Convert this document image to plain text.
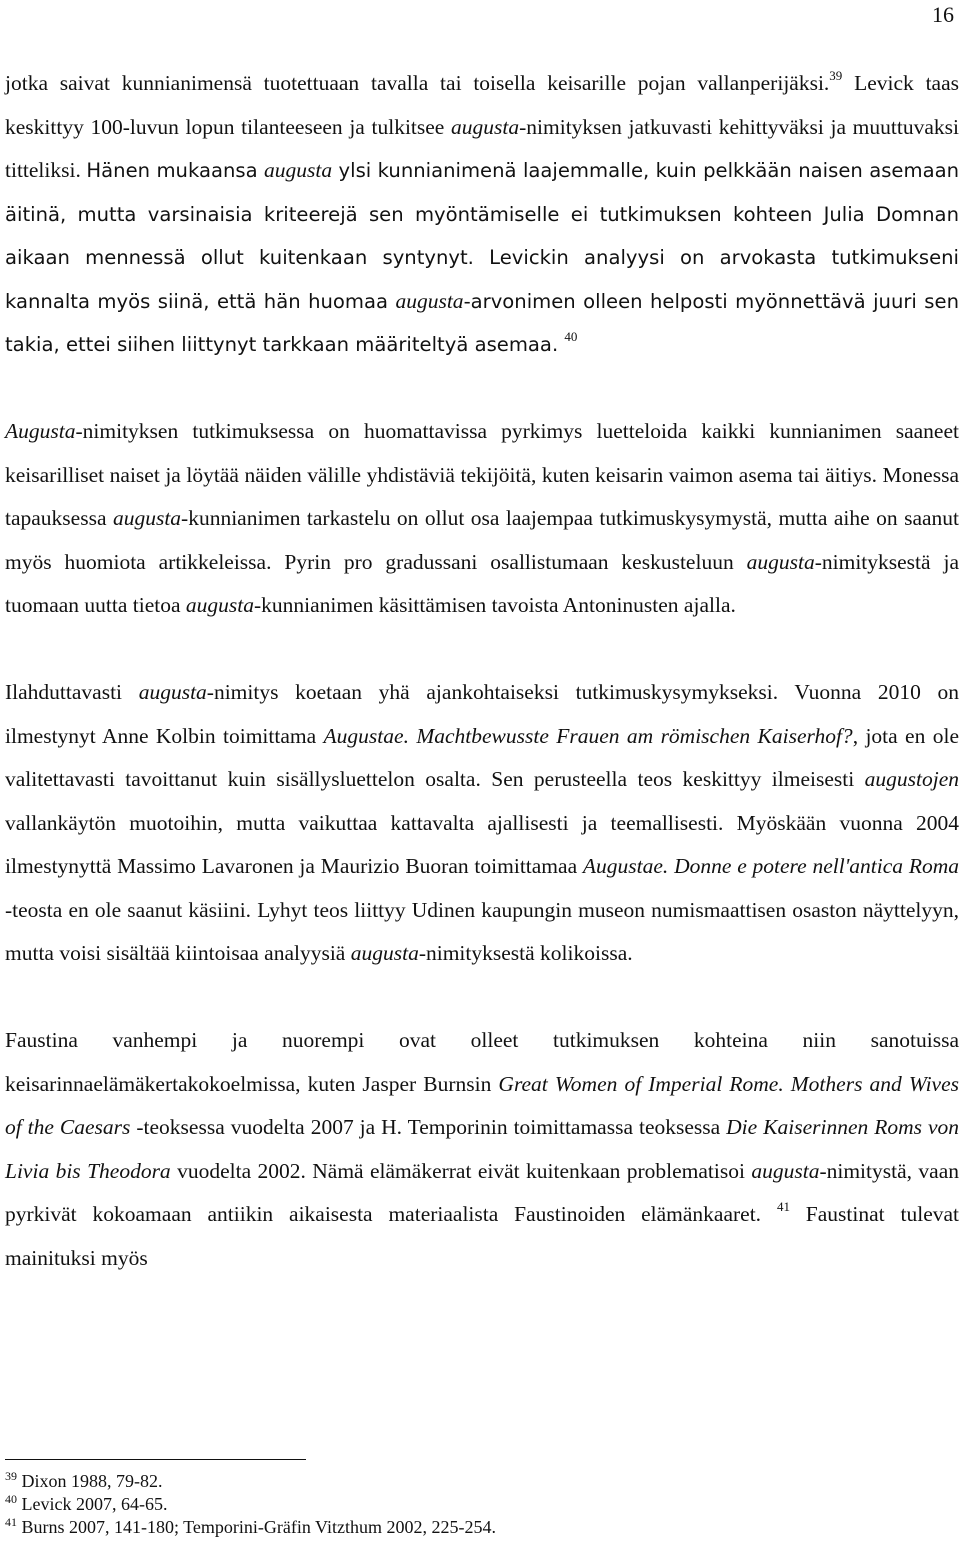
16

jotka saivat kunnianimensä tuotettuaan tavalla tai toisella keisarille pojan vallanperijäksi.$^{39}$ Levick taas keskittyy 100-luvun lopun tilanteeseen ja tulkitsee augusta-nimityksen jatkuvasti kehittyväksi ja muuttuvaksi titteliksi. Hänen mukaansa augusta ylsi kunnianimenä laajemmalle, kuin pelkkään naisen asemaan äitinä, mutta varsinaisia kriteerejä sen myöntämiselle ei tutkimuksen kohteen Julia Domnan aikaan mennessä ollut kuitenkaan syntynyt. Levickin analyysi on arvokasta tutkimukseni kannalta myös siinä, että hän huomaa augusta-arvonimen olleen helposti myönnettävä juuri sen takia, ettei siihen liittynyt tarkkaan määriteltyä asemaa. $^{40}$

Augusta-nimityksen tutkimuksessa on huomattavissa pyrkimys luetteloida kaikki kunnianimen saaneet keisarilliset naiset ja löytää näiden välille yhdistäviä tekijöitä, kuten keisarin vaimon asema tai äitiys. Monessa tapauksessa augusta-kunnianimen tarkastelu on ollut osa laajempaa tutkimuskysymystä, mutta aihe on saanut myös huomiota artikkeleissa. Pyrin pro gradussani osallistumaan keskusteluun augusta-nimityksestä ja tuomaan uutta tietoa augusta-kunnianimen käsittämisen tavoista Antoninusten ajalla.

Ilahduttavasti augusta-nimitys koetaan yhä ajankohtaiseksi tutkimuskysymykseksi. Vuonna 2010 on ilmestynyt Anne Kolbin toimittama Augustae. Machtbewusste Frauen am römischen Kaiserhof?, jota en ole valitettavasti tavoittanut kuin sisällysluettelon osalta. Sen perusteella teos keskittyy ilmeisesti augustojen vallankäytön muotoihin, mutta vaikuttaa kattavalta ajallisesti ja teemallisesti. Myöskään vuonna 2004 ilmestynyttä Massimo Lavaronen ja Maurizio Buoran toimittamaa Augustae. Donne e potere nell'antica Roma -teosta en ole saanut käsiini. Lyhyt teos liittyy Udinen kaupungin museon numismaattisen osaston näyttelyyn, mutta voisi sisältää kiintoisaa analyysiä augusta-nimityksestä kolikoissa.

Faustina vanhempi ja nuorempi ovat olleet tutkimuksen kohteina niin sanotuissa keisarinnaelämäkertakokoelmissa, kuten Jasper Burnsin Great Women of Imperial Rome. Mothers and Wives of the Caesars -teoksessa vuodelta 2007 ja H. Temporinin toimittamassa teoksessa Die Kaiserinnen Roms von Livia bis Theodora vuodelta 2002. Nämä elämäkerrat eivät kuitenkaan problematisoi augusta-nimitystä, vaan pyrkivät kokoamaan antiikin aikaisesta materiaalista Faustinoiden elämänkaaret. $^{41}$ Faustinat tulevat mainituksi myös

$^{39}$ Dixon 1988, 79-82.
$^{40}$ Levick 2007, 64-65.
$^{41}$ Burns 2007, 141-180; Temporini-Gräfin Vitzthum 2002, 225-254.
